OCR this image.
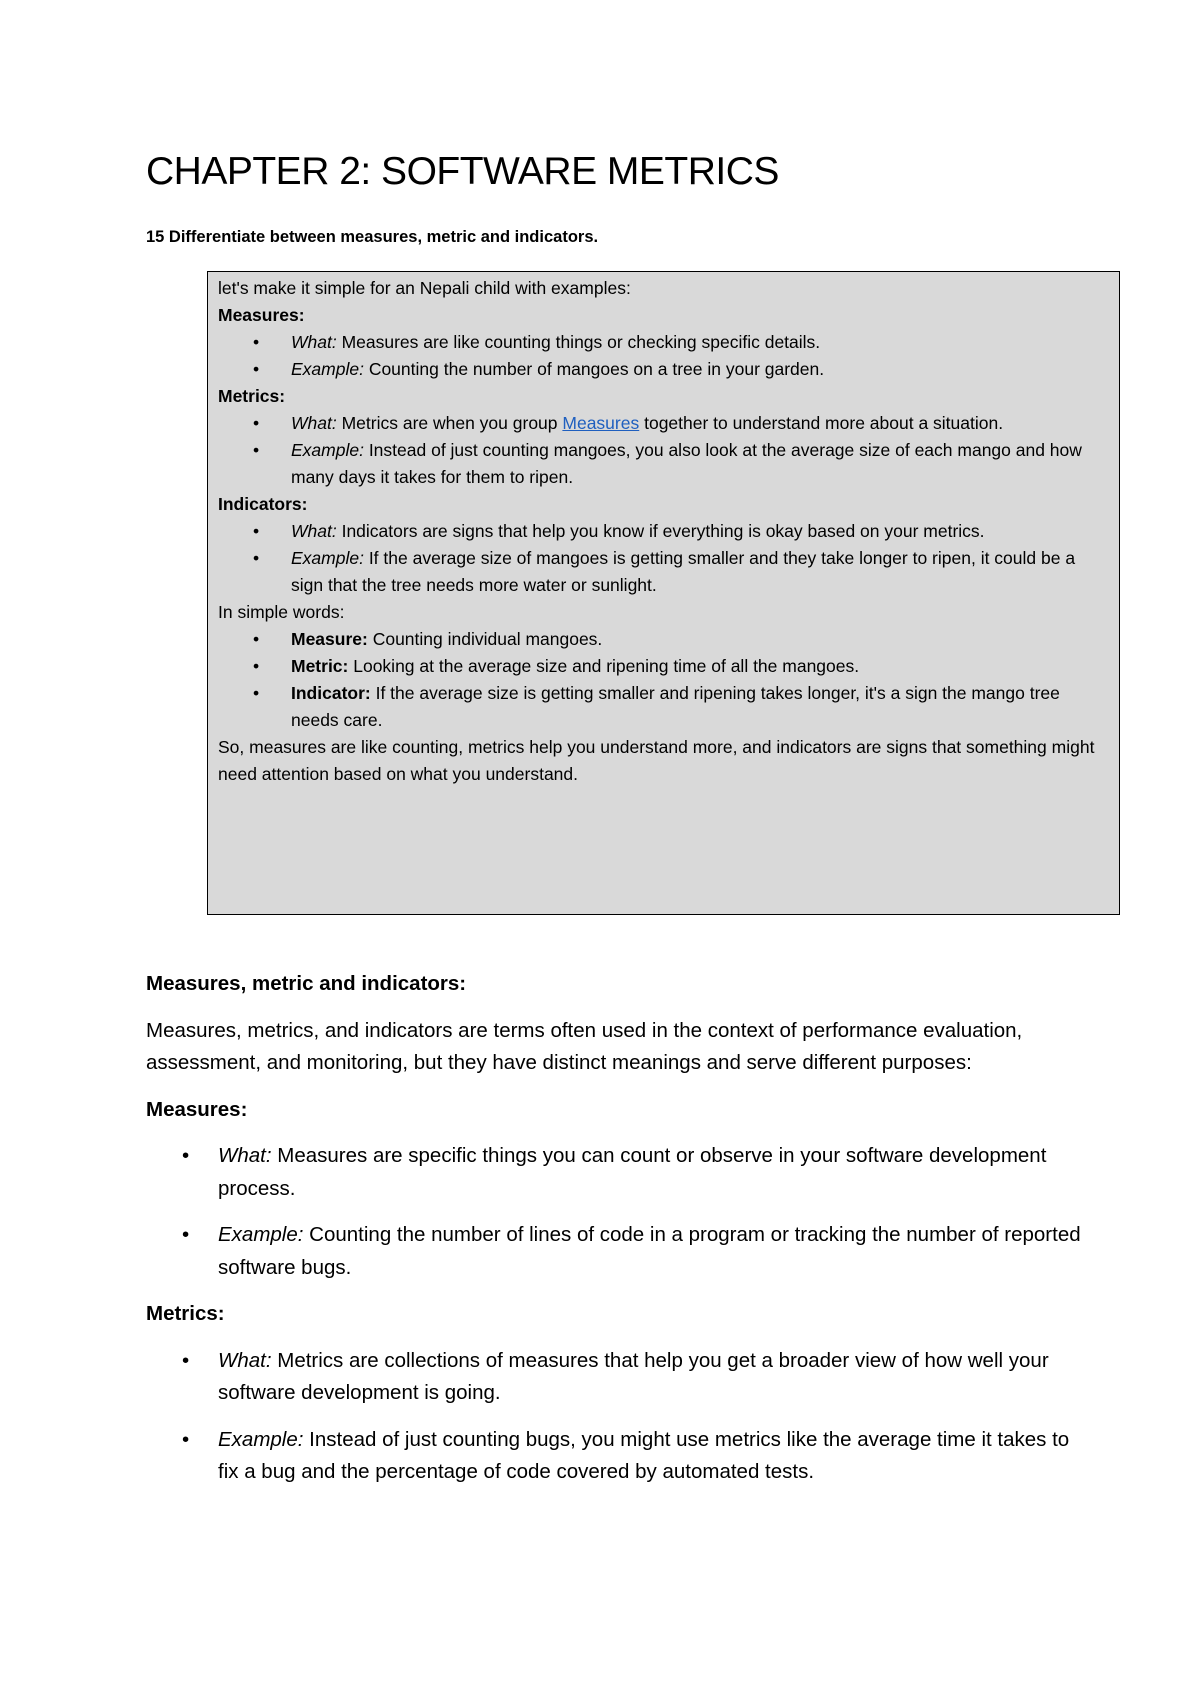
CHAPTER 2: SOFTWARE METRICS

15 Differentiate between measures, metric and indicators.

let's make it simple for an Nepali child with examples:

Measures:

• What: Measures are like counting things or checking specific details.
• Example: Counting the number of mangoes on a tree in your garden.

Metrics:

• What: Metrics are when you group Measures together to understand more about a situation.
• Example: Instead of just counting mangoes, you also look at the average size of each mango and how many days it takes for them to ripen.

Indicators:

• What: Indicators are signs that help you know if everything is okay based on your metrics.
• Example: If the average size of mangoes is getting smaller and they take longer to ripen, it could be a sign that the tree needs more water or sunlight.

In simple words:

• Measure: Counting individual mangoes.
• Metric: Looking at the average size and ripening time of all the mangoes.
• Indicator: If the average size is getting smaller and ripening takes longer, it's a sign the mango tree needs care.

So, measures are like counting, metrics help you understand more, and indicators are signs that something might need attention based on what you understand.

Measures, metric and indicators:

Measures, metrics, and indicators are terms often used in the context of performance evaluation, assessment, and monitoring, but they have distinct meanings and serve different purposes:

Measures:

• What: Measures are specific things you can count or observe in your software development process.
• Example: Counting the number of lines of code in a program or tracking the number of reported software bugs.

Metrics:

• What: Metrics are collections of measures that help you get a broader view of how well your software development is going.
• Example: Instead of just counting bugs, you might use metrics like the average time it takes to fix a bug and the percentage of code covered by automated tests.
